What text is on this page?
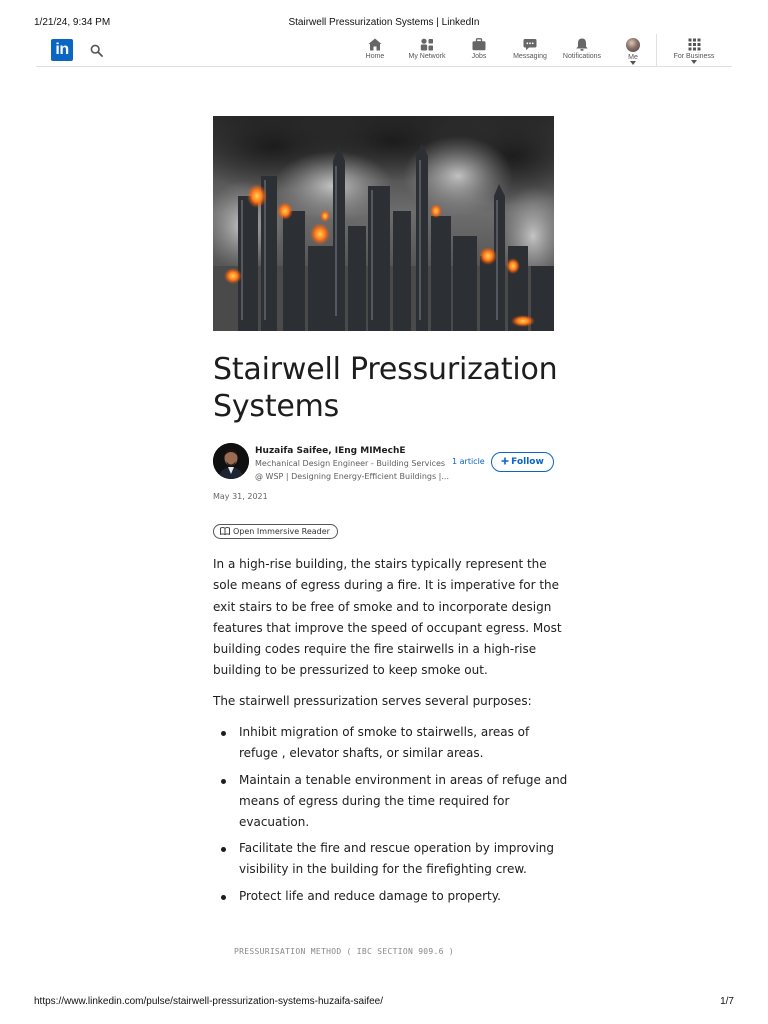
1/21/24, 9:34 PM	Stairwell Pressurization Systems | LinkedIn
in	Home	My Network	Jobs	Messaging	Notifications	Me	For Business
Stairwell Pressurization Systems
Huzaifa Saifee, IEng MIMechE
Mechanical Design Engineer - Building Services
@ WSP | Designing Energy-Efficient Buildings |...
1 article	Follow
May 31, 2021
Open Immersive Reader

In a high-rise building, the stairs typically represent the sole means of egress during a fire. It is imperative for the exit stairs to be free of smoke and to incorporate design features that improve the speed of occupant egress. Most building codes require the fire stairwells in a high-rise building to be pressurized to keep smoke out.

The stairwell pressurization serves several purposes:

Inhibit migration of smoke to stairwells, areas of refuge , elevator shafts, or similar areas.
Maintain a tenable environment in areas of refuge and means of egress during the time required for evacuation.
Facilitate the fire and rescue operation by improving visibility in the building for the firefighting crew.
Protect life and reduce damage to property.
PRESSURISATION METHOD ( IBC SECTION 909.6 )
https://www.linkedin.com/pulse/stairwell-pressurization-systems-huzaifa-saifee/	1/7
